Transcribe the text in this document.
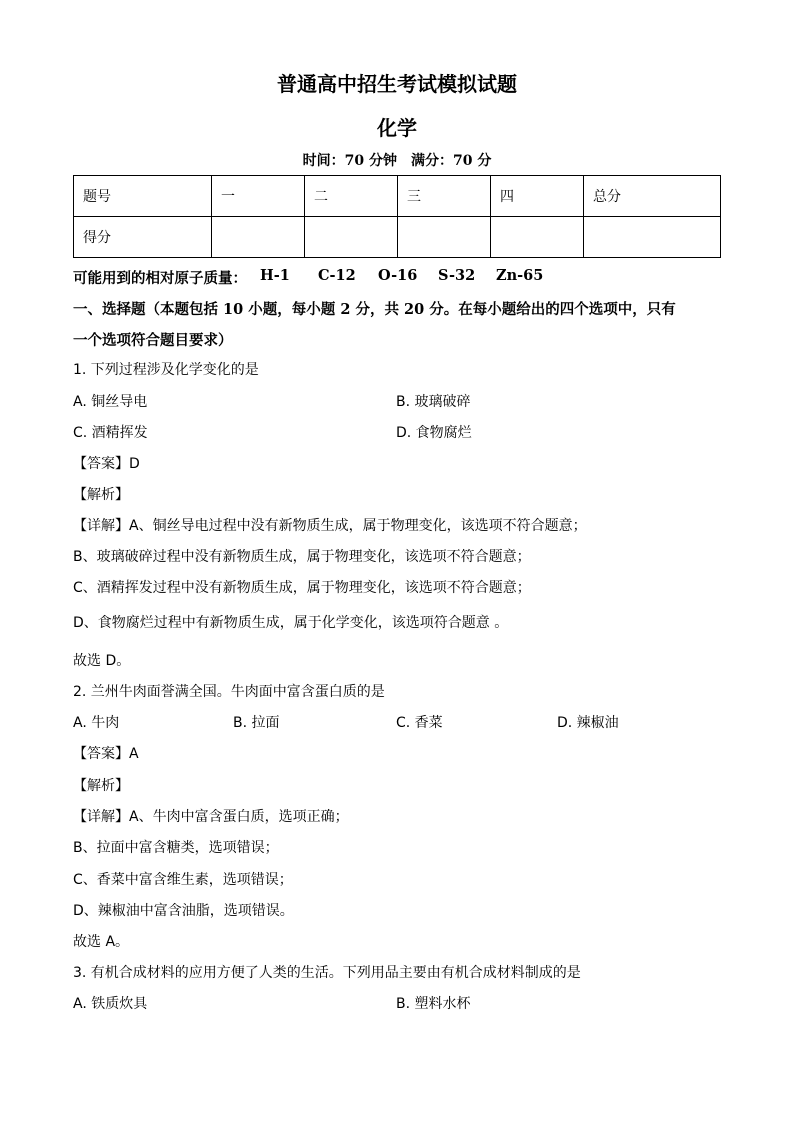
普通高中招生考试模拟试题
化学
时间：70 分钟　满分：70 分
题号	一	二	三	四	总分
得分					
可能用到的相对原子质量： H-1 C-12 O-16 S-32 Zn-65
一、选择题（本题包括 10 小题，每小题 2 分，共 20 分。在每小题给出的四个选项中，只有
一个选项符合题目要求）
1. 下列过程涉及化学变化的是
A. 铜丝导电	B. 玻璃破碎
C. 酒精挥发	D. 食物腐烂
【答案】D
【解析】
【详解】A、铜丝导电过程中没有新物质生成，属于物理变化，该选项不符合题意；
B、玻璃破碎过程中没有新物质生成，属于物理变化，该选项不符合题意；
C、酒精挥发过程中没有新物质生成，属于物理变化，该选项不符合题意；
D、食物腐烂过程中有新物质生成，属于化学变化，该选项符合题意 。
故选 D。
2. 兰州牛肉面誉满全国。牛肉面中富含蛋白质的是
A. 牛肉	B. 拉面	C. 香菜	D. 辣椒油
【答案】A
【解析】
【详解】A、牛肉中富含蛋白质，选项正确；
B、拉面中富含糖类，选项错误；
C、香菜中富含维生素，选项错误；
D、辣椒油中富含油脂，选项错误。
故选 A。
3. 有机合成材料的应用方便了人类的生活。下列用品主要由有机合成材料制成的是
A. 铁质炊具	B. 塑料水杯
